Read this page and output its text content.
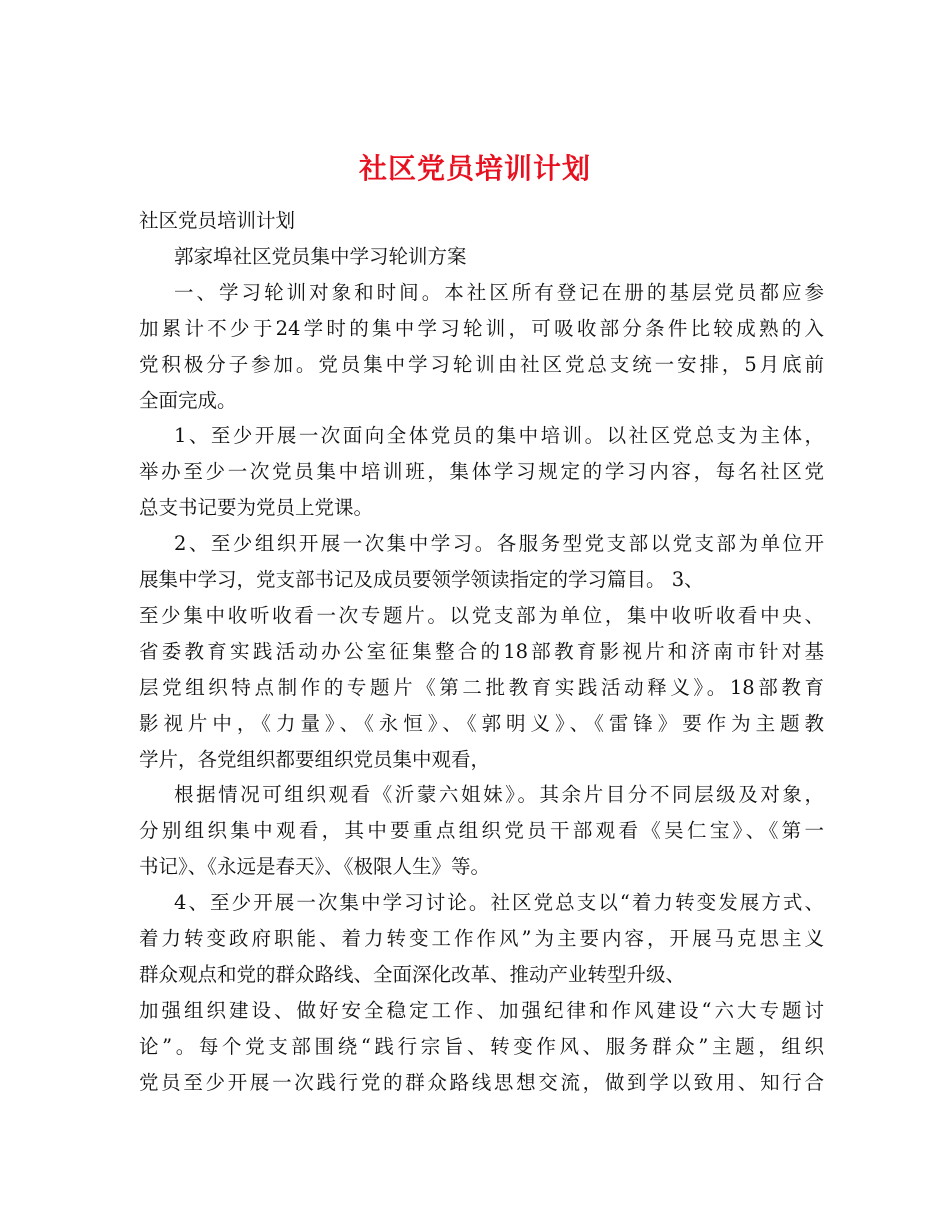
社区党员培训计划
社区党员培训计划
郭家埠社区党员集中学习轮训方案
一、学习轮训对象和时间。本社区所有登记在册的基层党员都应参
加累计不少于24学时的集中学习轮训，可吸收部分条件比较成熟的入
党积极分子参加。党员集中学习轮训由社区党总支统一安排，5月底前
全面完成。
1、至少开展一次面向全体党员的集中培训。以社区党总支为主体，
举办至少一次党员集中培训班，集体学习规定的学习内容，每名社区党
总支书记要为党员上党课。
2、至少组织开展一次集中学习。各服务型党支部以党支部为单位开
展集中学习，党支部书记及成员要领学领读指定的学习篇目。 3、
至少集中收听收看一次专题片。以党支部为单位，集中收听收看中央、
省委教育实践活动办公室征集整合的18部教育影视片和济南市针对基
层党组织特点制作的专题片《第二批教育实践活动释义》。18部教育
影视片中，《力量》、《永恒》、《郭明义》、《雷锋》要作为主题教
学片，各党组织都要组织党员集中观看，
根据情况可组织观看《沂蒙六姐妹》。其余片目分不同层级及对象，
分别组织集中观看，其中要重点组织党员干部观看《吴仁宝》、《第一
书记》、《永远是春天》、《极限人生》等。
4、至少开展一次集中学习讨论。社区党总支以“着力转变发展方式、
着力转变政府职能、着力转变工作作风”为主要内容，开展马克思主义
群众观点和党的群众路线、全面深化改革、推动产业转型升级、
加强组织建设、做好安全稳定工作、加强纪律和作风建设“六大专题讨
论”。每个党支部围绕“践行宗旨、转变作风、服务群众”主题，组织
党员至少开展一次践行党的群众路线思想交流，做到学以致用、知行合
